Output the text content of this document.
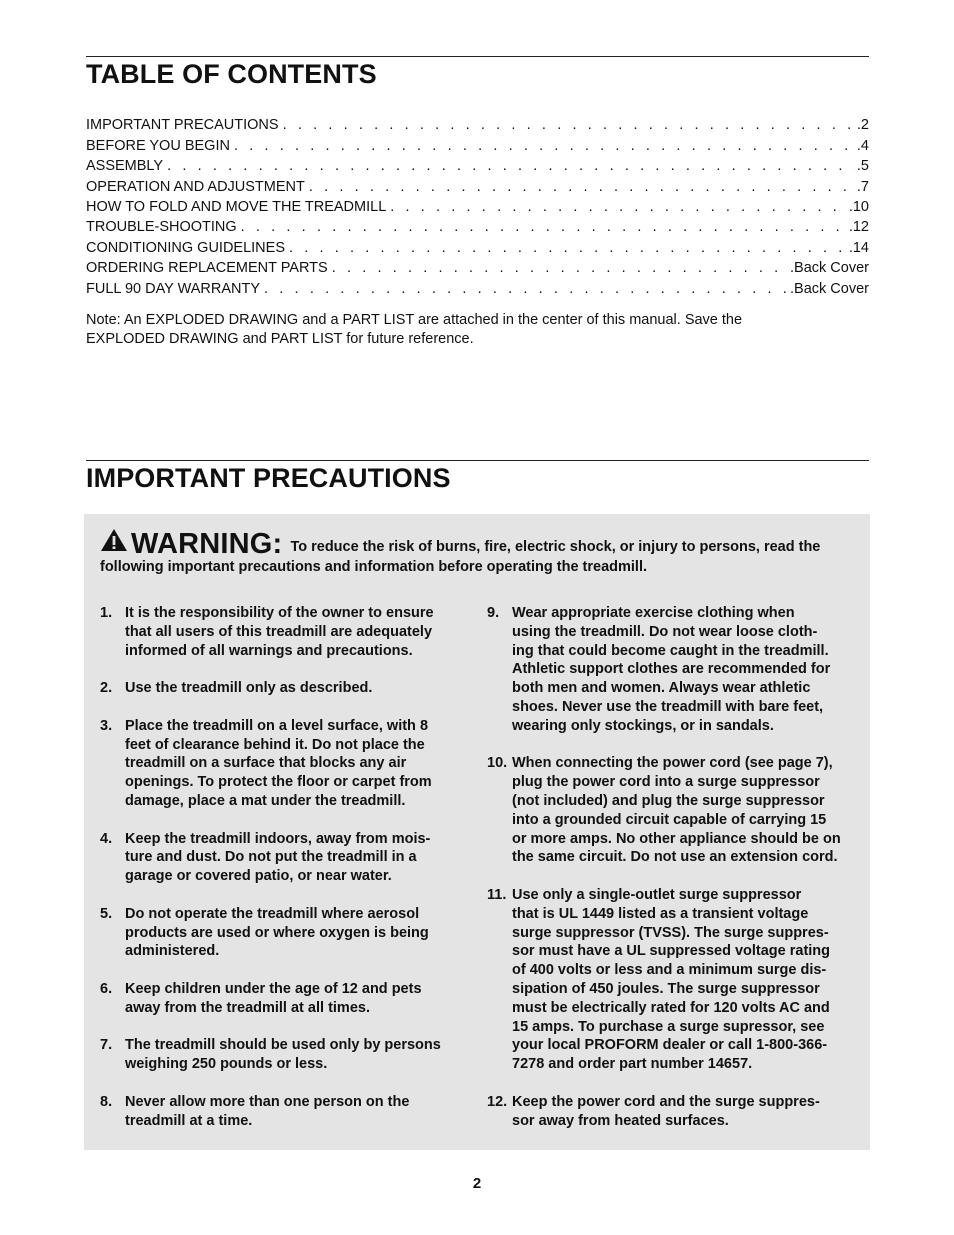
TABLE OF CONTENTS
IMPORTANT PRECAUTIONS . . .	.2
BEFORE YOU BEGIN . . .	.4
ASSEMBLY . . .	.5
OPERATION AND ADJUSTMENT . . .	.7
HOW TO FOLD AND MOVE THE TREADMILL . . .	.10
TROUBLE-SHOOTING . . .	.12
CONDITIONING GUIDELINES . . .	.14
ORDERING REPLACEMENT PARTS . . .	.Back Cover
FULL 90 DAY WARRANTY . . .	.Back Cover

Note: An EXPLODED DRAWING and a PART LIST are attached in the center of this manual. Save the
EXPLODED DRAWING and PART LIST for future reference.

IMPORTANT PRECAUTIONS

WARNING: To reduce the risk of burns, fire, electric shock, or injury to persons, read the following important precautions and information before operating the treadmill.

1. It is the responsibility of the owner to ensure
that all users of this treadmill are adequately
informed of all warnings and precautions.

2. Use the treadmill only as described.

3. Place the treadmill on a level surface, with 8
feet of clearance behind it. Do not place the
treadmill on a surface that blocks any air
openings. To protect the floor or carpet from
damage, place a mat under the treadmill.

4. Keep the treadmill indoors, away from mois-
ture and dust. Do not put the treadmill in a
garage or covered patio, or near water.

5. Do not operate the treadmill where aerosol
products are used or where oxygen is being
administered.

6. Keep children under the age of 12 and pets
away from the treadmill at all times.

7. The treadmill should be used only by persons
weighing 250 pounds or less.

8. Never allow more than one person on the
treadmill at a time.

9. Wear appropriate exercise clothing when
using the treadmill. Do not wear loose cloth-
ing that could become caught in the treadmill.
Athletic support clothes are recommended for
both men and women. Always wear athletic
shoes. Never use the treadmill with bare feet,
wearing only stockings, or in sandals.

10. When connecting the power cord (see page 7),
plug the power cord into a surge suppressor
(not included) and plug the surge suppressor
into a grounded circuit capable of carrying 15
or more amps. No other appliance should be on
the same circuit. Do not use an extension cord.

11. Use only a single-outlet surge suppressor
that is UL 1449 listed as a transient voltage
surge suppressor (TVSS). The surge suppres-
sor must have a UL suppressed voltage rating
of 400 volts or less and a minimum surge dis-
sipation of 450 joules. The surge suppressor
must be electrically rated for 120 volts AC and
15 amps. To purchase a surge supressor, see
your local PROFORM dealer or call 1-800-366-
7278 and order part number 14657.

12. Keep the power cord and the surge suppres-
sor away from heated surfaces.

2
